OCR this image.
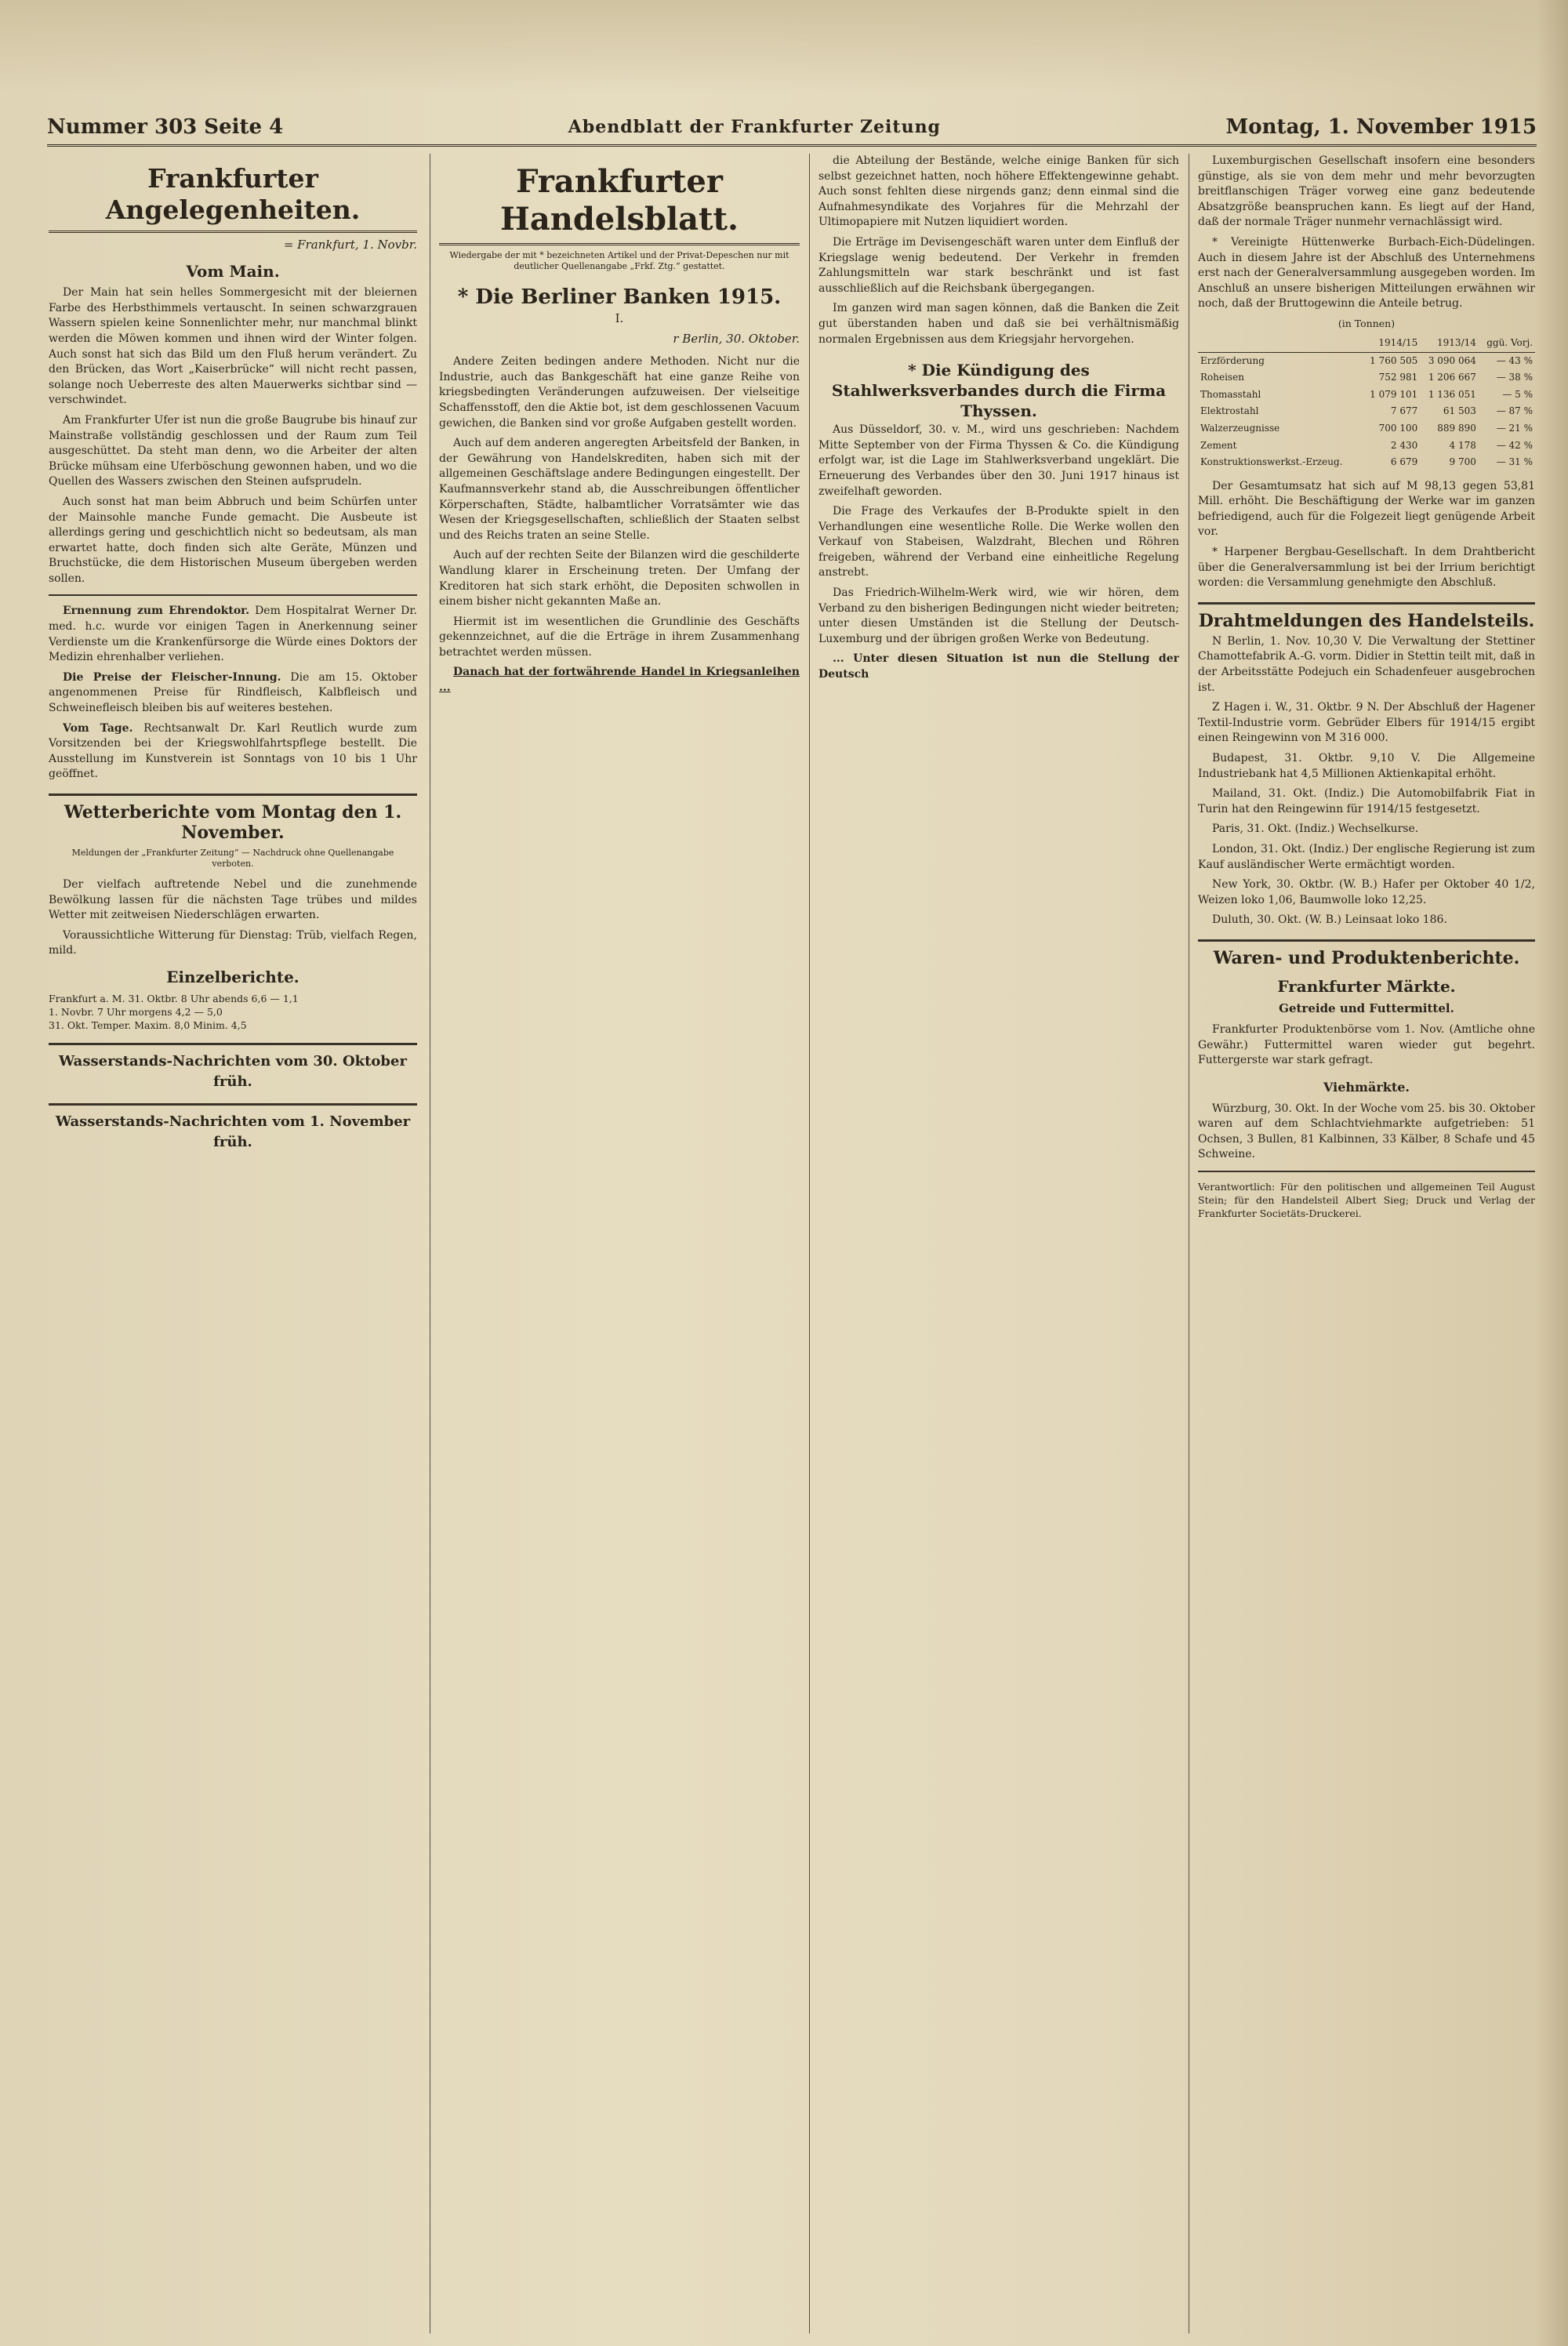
Nummer 303 Seite 4	Abendblatt der Frankfurter Zeitung	Montag, 1. November 1915
Frankfurter Angelegenheiten.
= Frankfurt, 1. Novbr.
Vom Main.

Der Main hat sein helles Sommergesicht mit der bleiernen Farbe des Herbsthimmels vertauscht. In seinen schwarzgrauen Wassern spielen keine Sonnenlichter mehr, nur manchmal blinkt werden die Möwen kommen und ihnen wird der Winter folgen. Auch sonst hat sich das Bild um den Fluß herum verändert. Zu den Brücken, das Wort „Kaiserbrücke“ will nicht recht passen, solange noch Ueberreste des alten Mauerwerks sichtbar sind — verschwindet.

Am Frankfurter Ufer ist nun die große Baugrube bis hinauf zur Mainstraße vollständig geschlossen und der Raum zum Teil ausgeschüttet. Da steht man denn, wo die Arbeiter der alten Brücke mühsam eine Uferböschung gewonnen haben, und wo die Quellen des Wassers zwischen den Steinen aufsprudeln.

Auch sonst hat man beim Abbruch und beim Schürfen unter der Mainsohle manche Funde gemacht. Die Ausbeute ist allerdings gering und geschichtlich nicht so bedeutsam, als man erwartet hatte, doch finden sich alte Geräte, Münzen und Bruchstücke, die dem Historischen Museum übergeben werden sollen.

Ernennung zum Ehrendoktor. Dem Hospitalrat Werner Dr. med. h.c. wurde vor einigen Tagen in Anerkennung seiner Verdienste um die Krankenfürsorge die Würde eines Doktors der Medizin ehrenhalber verliehen.

Die Preise der Fleischer-Innung. Die am 15. Oktober angenommenen Preise für Rindfleisch, Kalbfleisch und Schweinefleisch bleiben bis auf weiteres bestehen.

Vom Tage. Rechtsanwalt Dr. Karl Reutlich wurde zum Vorsitzenden bei der Kriegswohlfahrtspflege bestellt. Die Ausstellung im Kunstverein ist Sonntags von 10 bis 1 Uhr geöffnet.

Wetterberichte vom Montag den 1. November.
Meldungen der „Frankfurter Zeitung“ — Nachdruck ohne Quellenangabe verboten.

Der vielfach auftretende Nebel und die zunehmende Bewölkung lassen für die nächsten Tage trübes und mildes Wetter mit zeitweisen Niederschlägen erwarten.

Voraussichtliche Witterung für Dienstag: Trüb, vielfach Regen, mild.

Einzelberichte.
Frankfurt a. M. 31. Oktbr. 8 Uhr abends 6,6 — 1,1
1. Novbr. 7 Uhr morgens 4,2 — 5,0
31. Okt. Temper. Maxim. 8,0 Minim. 4,5
Wasserstands-Nachrichten vom 30. Oktober früh.
Wasserstands-Nachrichten vom 1. November früh.
Frankfurter Handelsblatt.
Wiedergabe der mit * bezeichneten Artikel und der Privat-Depeschen nur mit deutlicher Quellenangabe „Frkf. Ztg.“ gestattet.
* Die Berliner Banken 1915.
I.
r Berlin, 30. Oktober.

Andere Zeiten bedingen andere Methoden. Nicht nur die Industrie, auch das Bankgeschäft hat eine ganze Reihe von kriegsbedingten Veränderungen aufzuweisen. Der vielseitige Schaffensstoff, den die Aktie bot, ist dem geschlossenen Vacuum gewichen, die Banken sind vor große Aufgaben gestellt worden.

Auch auf dem anderen angeregten Arbeitsfeld der Banken, in der Gewährung von Handelskrediten, haben sich mit der allgemeinen Geschäftslage andere Bedingungen eingestellt. Der Kaufmannsverkehr stand ab, die Ausschreibungen öffentlicher Körperschaften, Städte, halbamtlicher Vorratsämter wie das Wesen der Kriegsgesellschaften, schließlich der Staaten selbst und des Reichs traten an seine Stelle.

Auch auf der rechten Seite der Bilanzen wird die geschilderte Wandlung klarer in Erscheinung treten. Der Umfang der Kreditoren hat sich stark erhöht, die Depositen schwollen in einem bisher nicht gekannten Maße an.

Hiermit ist im wesentlichen die Grundlinie des Geschäfts gekennzeichnet, auf die die Erträge in ihrem Zusammenhang betrachtet werden müssen.

Danach hat der fortwährende Handel in Kriegsanleihen ...

die Abteilung der Bestände, welche einige Banken für sich selbst gezeichnet hatten, noch höhere Effektengewinne gehabt. Auch sonst fehlten diese nirgends ganz; denn einmal sind die Aufnahmesyndikate des Vorjahres für die Mehrzahl der Ultimopapiere mit Nutzen liquidiert worden.

Die Erträge im Devisengeschäft waren unter dem Einfluß der Kriegslage wenig bedeutend. Der Verkehr in fremden Zahlungsmitteln war stark beschränkt und ist fast ausschließlich auf die Reichsbank übergegangen.

Im ganzen wird man sagen können, daß die Banken die Zeit gut überstanden haben und daß sie bei verhältnismäßig normalen Ergebnissen aus dem Kriegsjahr hervorgehen.

* Die Kündigung des Stahlwerksverbandes durch die Firma Thyssen.

Aus Düsseldorf, 30. v. M., wird uns geschrieben: Nachdem Mitte September von der Firma Thyssen & Co. die Kündigung erfolgt war, ist die Lage im Stahlwerksverband ungeklärt. Die Erneuerung des Verbandes über den 30. Juni 1917 hinaus ist zweifelhaft geworden.

Die Frage des Verkaufes der B-Produkte spielt in den Verhandlungen eine wesentliche Rolle. Die Werke wollen den Verkauf von Stabeisen, Walzdraht, Blechen und Röhren freigeben, während der Verband eine einheitliche Regelung anstrebt.

Das Friedrich-Wilhelm-Werk wird, wie wir hören, dem Verband zu den bisherigen Bedingungen nicht wieder beitreten; unter diesen Umständen ist die Stellung der Deutsch-Luxemburg und der übrigen großen Werke von Bedeutung.

... Unter diesen Situation ist nun die Stellung der Deutsch

Luxemburgischen Gesellschaft insofern eine besonders günstige, als sie von dem mehr und mehr bevorzugten breitflanschigen Träger vorweg eine ganz bedeutende Absatzgröße beanspruchen kann. Es liegt auf der Hand, daß der normale Träger nunmehr vernachlässigt wird.

* Vereinigte Hüttenwerke Burbach-Eich-Düdelingen. Auch in diesem Jahre ist der Abschluß des Unternehmens erst nach der Generalversammlung ausgegeben worden. Im Anschluß an unsere bisherigen Mitteilungen erwähnen wir noch, daß der Bruttogewinn die Anteile betrug.

(in Tonnen)
	1914/15	1913/14	ggü. Vorj.
Erzförderung	1 760 505	3 090 064	— 43 %
Roheisen	752 981	1 206 667	— 38 %
Thomasstahl	1 079 101	1 136 051	— 5 %
Elektrostahl	7 677	61 503	— 87 %
Walzerzeugnisse	700 100	889 890	— 21 %
Zement	2 430	4 178	— 42 %
Konstruktionswerkst.-Erzeug.	6 679	9 700	— 31 %

Der Gesamtumsatz hat sich auf M 98,13 gegen 53,81 Mill. erhöht. Die Beschäftigung der Werke war im ganzen befriedigend, auch für die Folgezeit liegt genügende Arbeit vor.

* Harpener Bergbau-Gesellschaft. In dem Drahtbericht über die Generalversammlung ist bei der Irrium berichtigt worden: die Versammlung genehmigte den Abschluß.

Drahtmeldungen des Handelsteils.

N Berlin, 1. Nov. 10,30 V. Die Verwaltung der Stettiner Chamottefabrik A.-G. vorm. Didier in Stettin teilt mit, daß in der Arbeitsstätte Podejuch ein Schadenfeuer ausgebrochen ist.

Z Hagen i. W., 31. Oktbr. 9 N. Der Abschluß der Hagener Textil-Industrie vorm. Gebrüder Elbers für 1914/15 ergibt einen Reingewinn von M 316 000.

Budapest, 31. Oktbr. 9,10 V. Die Allgemeine Industriebank hat 4,5 Millionen Aktienkapital erhöht.

Mailand, 31. Okt. (Indiz.) Die Automobilfabrik Fiat in Turin hat den Reingewinn für 1914/15 festgesetzt.

Paris, 31. Okt. (Indiz.) Wechselkurse.

London, 31. Okt. (Indiz.) Der englische Regierung ist zum Kauf ausländischer Werte ermächtigt worden.

New York, 30. Oktbr. (W. B.) Hafer per Oktober 40 1/2, Weizen loko 1,06, Baumwolle loko 12,25.

Duluth, 30. Okt. (W. B.) Leinsaat loko 186.

Waren- und Produktenberichte.
Frankfurter Märkte.
Getreide und Futtermittel.

Frankfurter Produktenbörse vom 1. Nov. (Amtliche ohne Gewähr.) Futtermittel waren wieder gut begehrt. Futtergerste war stark gefragt.

Viehmärkte.

Würzburg, 30. Okt. In der Woche vom 25. bis 30. Oktober waren auf dem Schlachtviehmarkte aufgetrieben: 51 Ochsen, 3 Bullen, 81 Kalbinnen, 33 Kälber, 8 Schafe und 45 Schweine.

Verantwortlich: Für den politischen und allgemeinen Teil August Stein; für den Handelsteil Albert Sieg; Druck und Verlag der Frankfurter Societäts-Druckerei.
